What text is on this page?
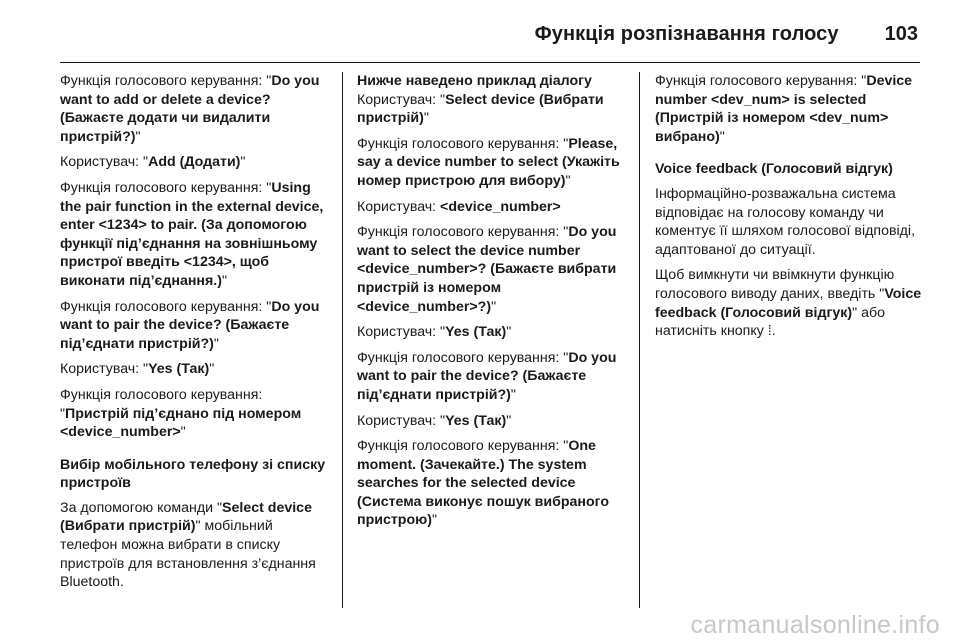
Функція розпізнавання голосу 103

Функція голосового керування: "Do you want to add or delete a device? (Бажаєте додати чи видалити пристрій?)"

Користувач: "Add (Додати)"

Функція голосового керування: "Using the pair function in the external device, enter <1234> to pair. (За допомогою функції під’єднання на зовнішньому пристрої введіть <1234>, щоб виконати під’єднання.)"

Функція голосового керування: "Do you want to pair the device? (Бажаєте під’єднати пристрій?)"

Користувач: "Yes (Так)"

Функція голосового керування: "Пристрій під’єднано під номером <device_number>"

Вибір мобільного телефону зі списку пристроїв

За допомогою команди "Select device (Вибрати пристрій)" мобільний телефон можна вибрати в списку пристроїв для встановлення з’єднання Bluetooth.

Нижче наведено приклад діалогу

Користувач: "Select device (Вибрати пристрій)"

Функція голосового керування: "Please, say a device number to select (Укажіть номер пристрою для вибору)"

Користувач: <device_number>

Функція голосового керування: "Do you want to select the device number <device_number>? (Бажаєте вибрати пристрій із номером <device_number>?)"

Користувач: "Yes (Так)"

Функція голосового керування: "Do you want to pair the device? (Бажаєте під’єднати пристрій?)"

Користувач: "Yes (Так)"

Функція голосового керування: "One moment. (Зачекайте.) The system searches for the selected device (Система виконує пошук вибраного пристрою)"

Функція голосового керування: "Device number <dev_num> is selected (Пристрій із номером <dev_num> вибрано)"

Voice feedback (Голосовий відгук)

Інформаційно-розважальна система відповідає на голосову команду чи коментує її шляхом голосової відповіді, адаптованої до ситуації.

Щоб вимкнути чи ввімкнути функцію голосового виводу даних, введіть "Voice feedback (Голосовий відгук)" або натисніть кнопку ⁞.

carmanualsonline.info
